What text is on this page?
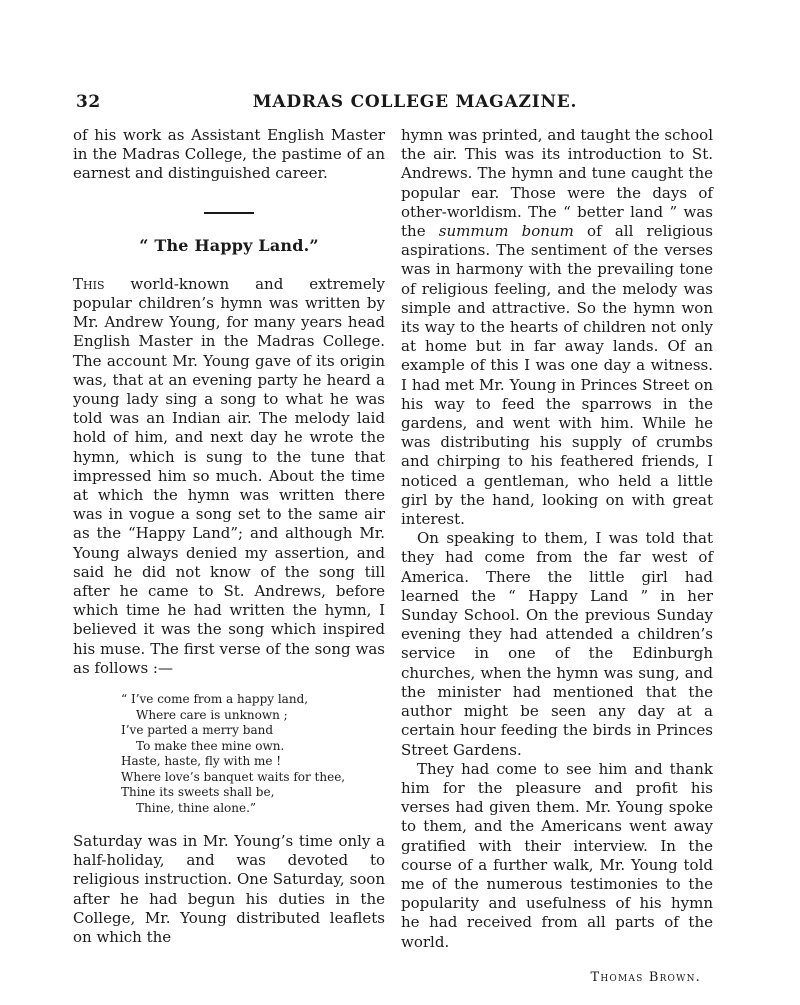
32	MADRAS COLLEGE MAGAZINE.

of his work as Assistant English Master in the Madras College, the pastime of an earnest and distinguished career.

“ The Happy Land.”

This world-known and extremely popular children’s hymn was written by Mr. Andrew Young, for many years head English Master in the Madras College. The account Mr. Young gave of its origin was, that at an evening party he heard a young lady sing a song to what he was told was an Indian air. The melody laid hold of him, and next day he wrote the hymn, which is sung to the tune that impressed him so much. About the time at which the hymn was written there was in vogue a song set to the same air as the “Happy Land”; and although Mr. Young always denied my assertion, and said he did not know of the song till after he came to St. Andrews, before which time he had written the hymn, I believed it was the song which inspired his muse. The first verse of the song was as follows :—

“ I’ve come from a happy land,
Where care is unknown ;
I’ve parted a merry band
To make thee mine own.
Haste, haste, fly with me !
Where love’s banquet waits for thee,
Thine its sweets shall be,
Thine, thine alone.”

Saturday was in Mr. Young’s time only a half-holiday, and was devoted to religious instruction. One Saturday, soon after he had begun his duties in the College, Mr. Young distributed leaflets on which the

hymn was printed, and taught the school the air. This was its introduction to St. Andrews. The hymn and tune caught the popular ear. Those were the days of other-worldism. The “ better land ” was the summum bonum of all religious aspirations. The sentiment of the verses was in harmony with the prevailing tone of religious feeling, and the melody was simple and attractive. So the hymn won its way to the hearts of children not only at home but in far away lands. Of an example of this I was one day a witness. I had met Mr. Young in Princes Street on his way to feed the sparrows in the gardens, and went with him. While he was distributing his supply of crumbs and chirping to his feathered friends, I noticed a gentleman, who held a little girl by the hand, looking on with great interest.

On speaking to them, I was told that they had come from the far west of America. There the little girl had learned the “ Happy Land ” in her Sunday School. On the previous Sunday evening they had attended a children’s service in one of the Edinburgh churches, when the hymn was sung, and the minister had mentioned that the author might be seen any day at a certain hour feeding the birds in Princes Street Gardens.

They had come to see him and thank him for the pleasure and profit his verses had given them. Mr. Young spoke to them, and the Americans went away gratified with their interview. In the course of a further walk, Mr. Young told me of the numerous testimonies to the popularity and usefulness of his hymn he had received from all parts of the world.

Thomas Brown.
